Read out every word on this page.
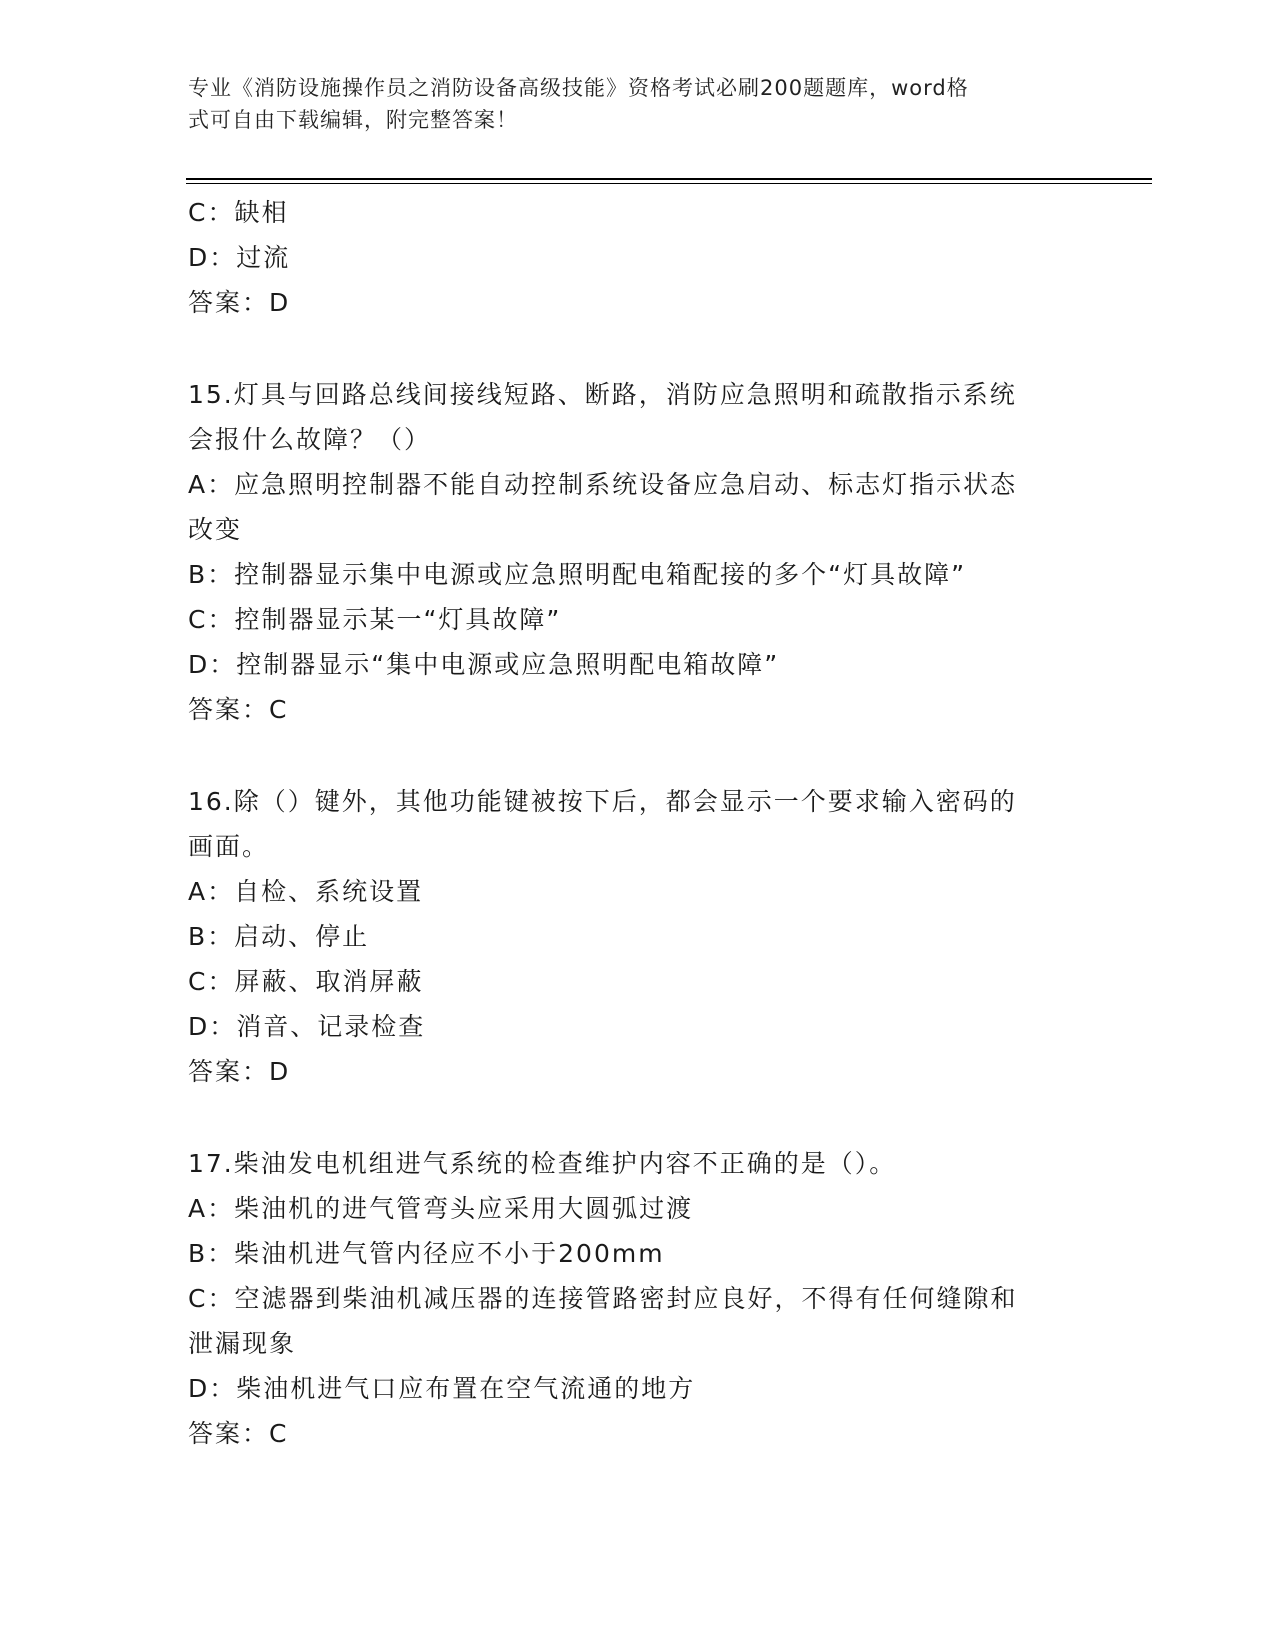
专业《消防设施操作员之消防设备高级技能》资格考试必刷200题题库，word格
式可自由下载编辑，附完整答案！
C：缺相
D：过流
答案：D
15.灯具与回路总线间接线短路、断路，消防应急照明和疏散指示系统
会报什么故障？（）
A：应急照明控制器不能自动控制系统设备应急启动、标志灯指示状态
改变
B：控制器显示集中电源或应急照明配电箱配接的多个“灯具故障”
C：控制器显示某一“灯具故障”
D：控制器显示“集中电源或应急照明配电箱故障”
答案：C
16.除（）键外，其他功能键被按下后，都会显示一个要求输入密码的
画面。
A：自检、系统设置
B：启动、停止
C：屏蔽、取消屏蔽
D：消音、记录检查
答案：D
17.柴油发电机组进气系统的检查维护内容不正确的是（）。
A：柴油机的进气管弯头应采用大圆弧过渡
B：柴油机进气管内径应不小于200mm
C：空滤器到柴油机减压器的连接管路密封应良好，不得有任何缝隙和
泄漏现象
D：柴油机进气口应布置在空气流通的地方
答案：C
